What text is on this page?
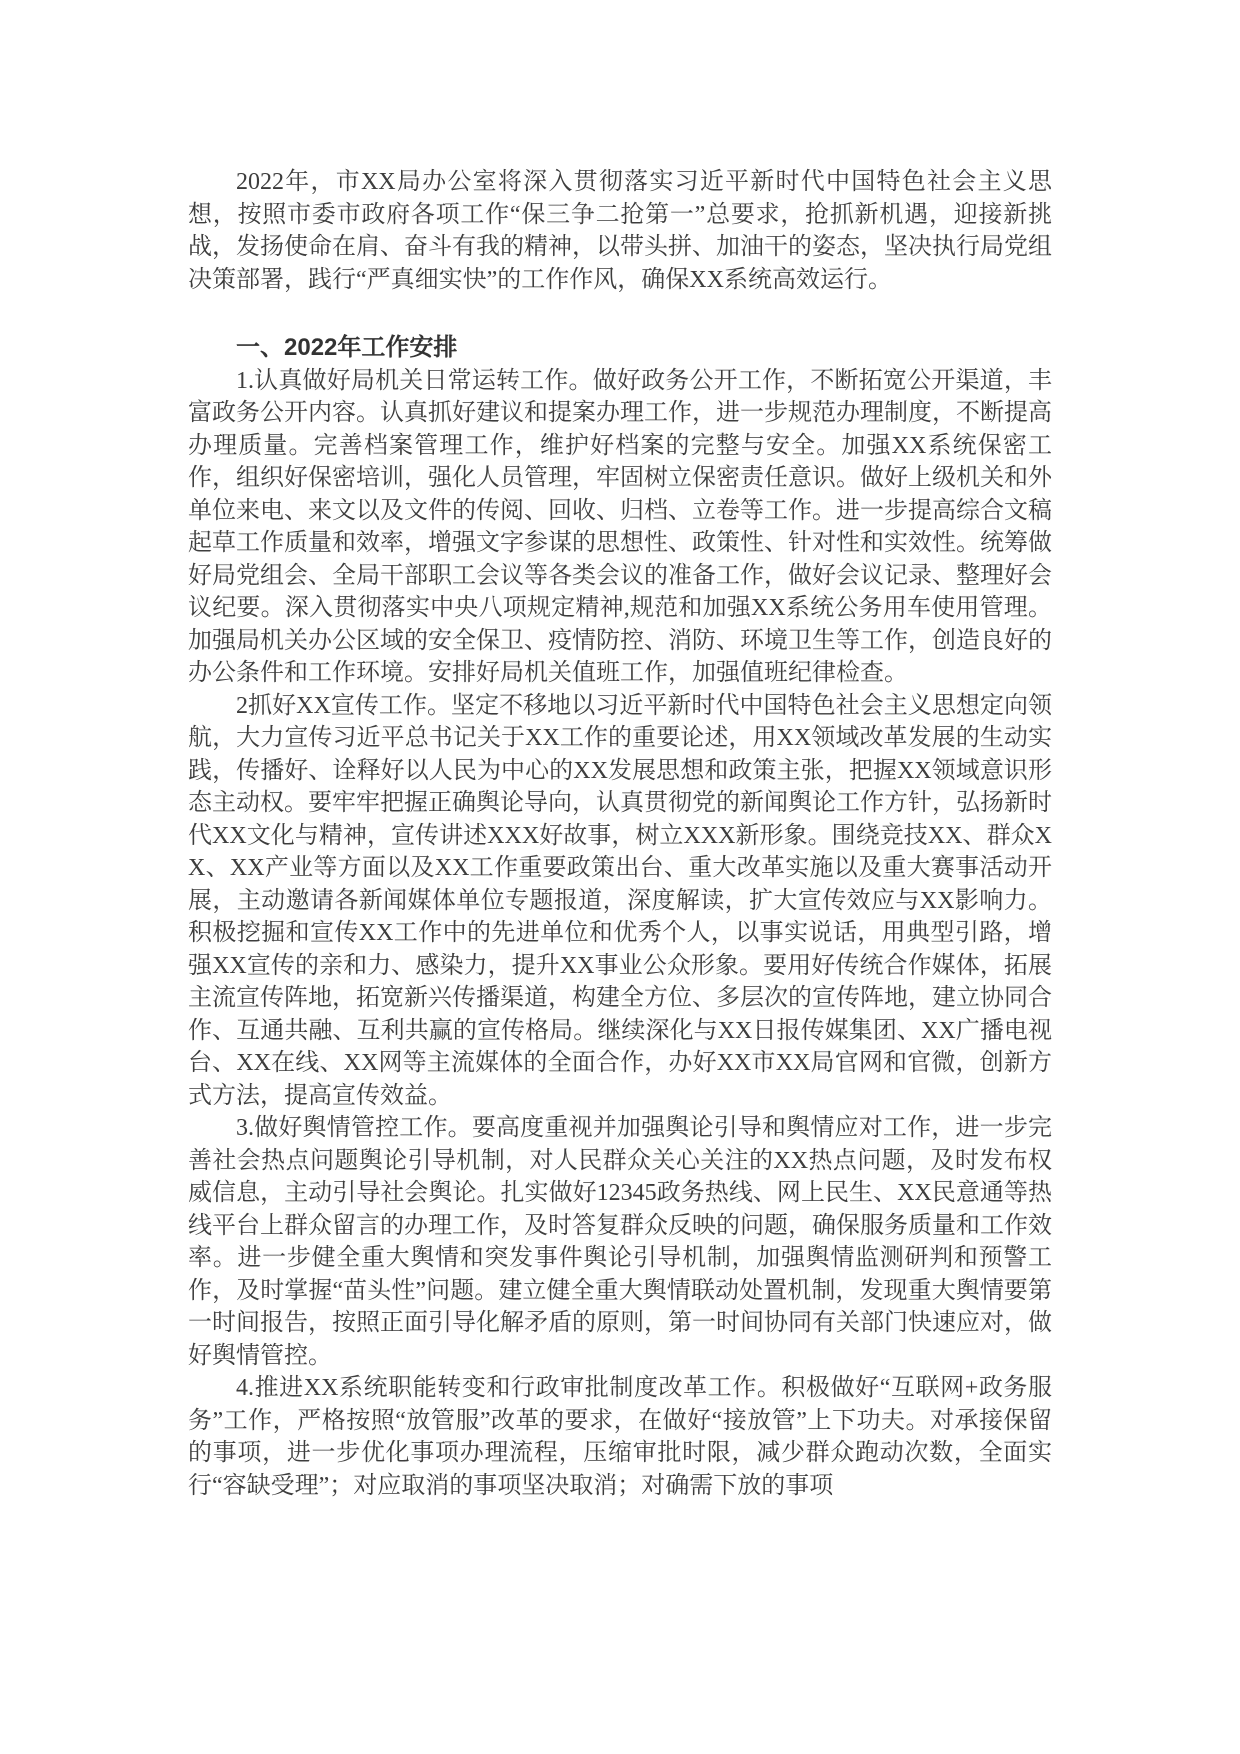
2022年，市XX局办公室将深入贯彻落实习近平新时代中国特色社会主义思想，按照市委市政府各项工作“保三争二抢第一”总要求，抢抓新机遇，迎接新挑战，发扬使命在肩、奋斗有我的精神，以带头拼、加油干的姿态，坚决执行局党组决策部署，践行“严真细实快”的工作作风，确保XX系统高效运行。

一、2022年工作安排

1.认真做好局机关日常运转工作。做好政务公开工作，不断拓宽公开渠道，丰富政务公开内容。认真抓好建议和提案办理工作，进一步规范办理制度，不断提高办理质量。完善档案管理工作，维护好档案的完整与安全。加强XX系统保密工作，组织好保密培训，强化人员管理，牢固树立保密责任意识。做好上级机关和外单位来电、来文以及文件的传阅、回收、归档、立卷等工作。进一步提高综合文稿起草工作质量和效率，增强文字参谋的思想性、政策性、针对性和实效性。统筹做好局党组会、全局干部职工会议等各类会议的准备工作，做好会议记录、整理好会议纪要。深入贯彻落实中央八项规定精神,规范和加强XX系统公务用车使用管理。加强局机关办公区域的安全保卫、疫情防控、消防、环境卫生等工作，创造良好的办公条件和工作环境。安排好局机关值班工作，加强值班纪律检查。

2抓好XX宣传工作。坚定不移地以习近平新时代中国特色社会主义思想定向领航，大力宣传习近平总书记关于XX工作的重要论述，用XX领域改革发展的生动实践，传播好、诠释好以人民为中心的XX发展思想和政策主张，把握XX领域意识形态主动权。要牢牢把握正确舆论导向，认真贯彻党的新闻舆论工作方针，弘扬新时代XX文化与精神，宣传讲述XXX好故事，树立XXX新形象。围绕竞技XX、群众XX、XX产业等方面以及XX工作重要政策出台、重大改革实施以及重大赛事活动开展，主动邀请各新闻媒体单位专题报道，深度解读，扩大宣传效应与XX影响力。积极挖掘和宣传XX工作中的先进单位和优秀个人，以事实说话，用典型引路，增强XX宣传的亲和力、感染力，提升XX事业公众形象。要用好传统合作媒体，拓展主流宣传阵地，拓宽新兴传播渠道，构建全方位、多层次的宣传阵地，建立协同合作、互通共融、互利共赢的宣传格局。继续深化与XX日报传媒集团、XX广播电视台、XX在线、XX网等主流媒体的全面合作，办好XX市XX局官网和官微，创新方式方法，提高宣传效益。

3.做好舆情管控工作。要高度重视并加强舆论引导和舆情应对工作，进一步完善社会热点问题舆论引导机制，对人民群众关心关注的XX热点问题，及时发布权威信息，主动引导社会舆论。扎实做好12345政务热线、网上民生、XX民意通等热线平台上群众留言的办理工作，及时答复群众反映的问题，确保服务质量和工作效率。进一步健全重大舆情和突发事件舆论引导机制，加强舆情监测研判和预警工作，及时掌握“苗头性”问题。建立健全重大舆情联动处置机制，发现重大舆情要第一时间报告，按照正面引导化解矛盾的原则，第一时间协同有关部门快速应对，做好舆情管控。

4.推进XX系统职能转变和行政审批制度改革工作。积极做好“互联网+政务服务”工作，严格按照“放管服”改革的要求，在做好“接放管”上下功夫。对承接保留的事项，进一步优化事项办理流程，压缩审批时限，减少群众跑动次数，全面实行“容缺受理”；对应取消的事项坚决取消；对确需下放的事项
